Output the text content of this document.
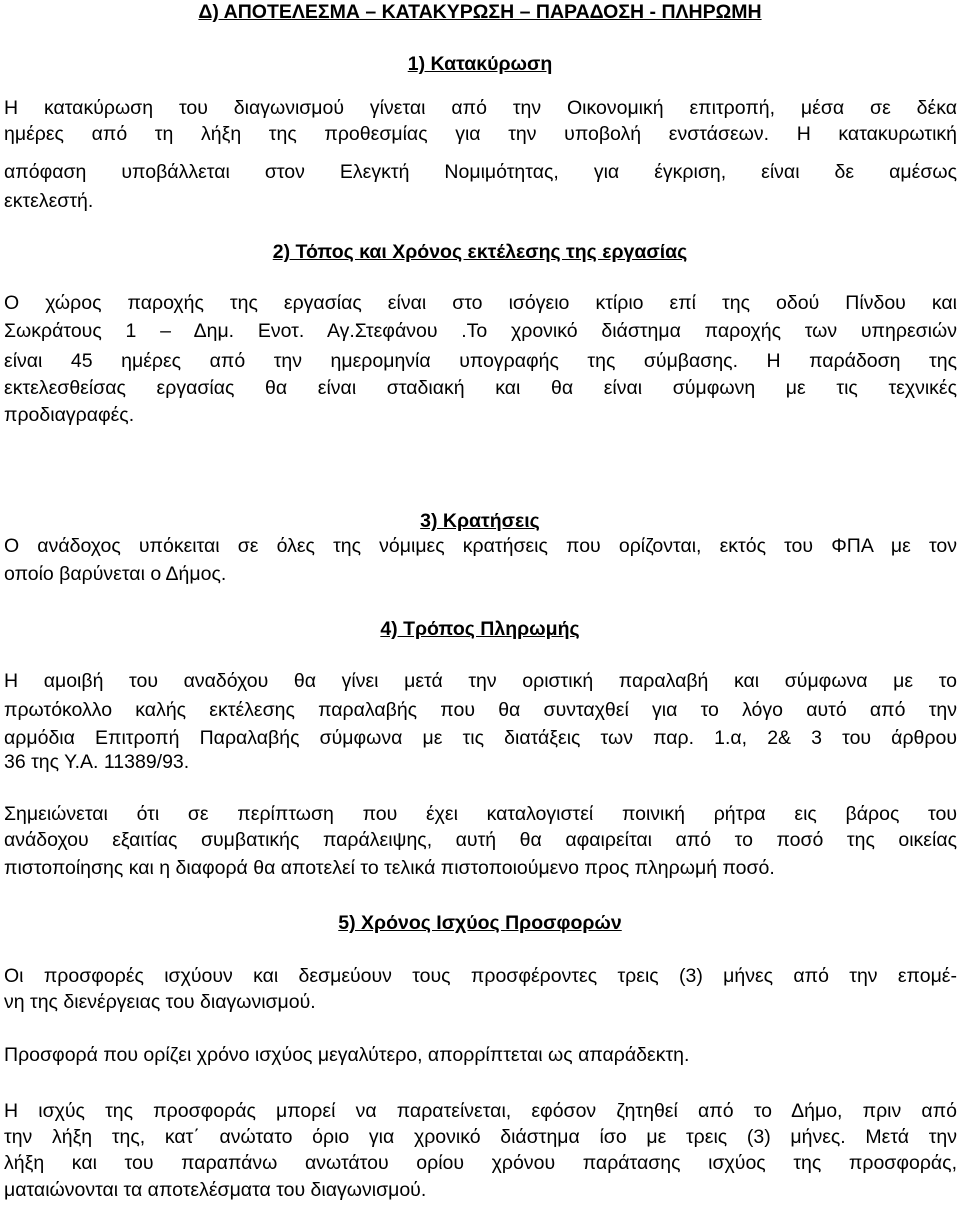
Δ) ΑΠΟΤΕΛΕΣΜΑ – ΚΑΤΑΚΥΡΩΣΗ – ΠΑΡΑΔΟΣΗ - ΠΛΗΡΩΜΗ
1) Κατακύρωση
Η κατακύρωση του διαγωνισμού γίνεται από την Οικονομική επιτροπή, μέσα σε δέκα
ημέρες από τη λήξη της προθεσμίας για την υποβολή ενστάσεων. Η κατακυρωτική
απόφαση υποβάλλεται στον Ελεγκτή Νομιμότητας, για έγκριση, είναι δε αμέσως
εκτελεστή.
2) Τόπος και Χρόνος εκτέλεσης της εργασίας
Ο χώρος παροχής της εργασίας είναι στο ισόγειο κτίριο επί της οδού Πίνδου και
Σωκράτους 1 – Δημ. Ενοτ. Αγ.Στεφάνου .Το χρονικό διάστημα παροχής των υπηρεσιών
είναι 45 ημέρες από την ημερομηνία υπογραφής της σύμβασης. Η παράδοση της
εκτελεσθείσας εργασίας θα είναι σταδιακή και θα είναι σύμφωνη με τις τεχνικές
προδιαγραφές.
3) Κρατήσεις
Ο ανάδοχος υπόκειται σε όλες της νόμιμες κρατήσεις που ορίζονται, εκτός του ΦΠΑ με τον
οποίο βαρύνεται ο Δήμος.
4) Τρόπος Πληρωμής
Η αμοιβή του αναδόχου θα γίνει μετά την οριστική παραλαβή και σύμφωνα με το
πρωτόκολλο καλής εκτέλεσης παραλαβής που θα συνταχθεί για το λόγο αυτό από την
αρμόδια Επιτροπή Παραλαβής σύμφωνα με τις διατάξεις των παρ. 1.α, 2& 3 του άρθρου
36 της Υ.Α. 11389/93.
Σημειώνεται ότι σε περίπτωση που έχει καταλογιστεί ποινική ρήτρα εις βάρος του
ανάδοχου εξαιτίας συμβατικής παράλειψης, αυτή θα αφαιρείται από το ποσό της οικείας
πιστοποίησης και η διαφορά θα αποτελεί το τελικά πιστοποιούμενο προς πληρωμή ποσό.
5) Χρόνος Ισχύος Προσφορών
Οι προσφορές ισχύουν και δεσμεύουν τους προσφέροντες τρεις (3) μήνες από την επομέ-
νη της διενέργειας του διαγωνισμού.
Προσφορά που ορίζει χρόνο ισχύος μεγαλύτερο, απορρίπτεται ως απαράδεκτη.
Η ισχύς της προσφοράς μπορεί να παρατείνεται, εφόσον ζητηθεί από το Δήμο, πριν από
την λήξη της, κατ΄ ανώτατο όριο για χρονικό διάστημα ίσο με τρεις (3) μήνες. Μετά την
λήξη και του παραπάνω ανωτάτου ορίου χρόνου παράτασης ισχύος της προσφοράς,
ματαιώνονται τα αποτελέσματα του διαγωνισμού.
